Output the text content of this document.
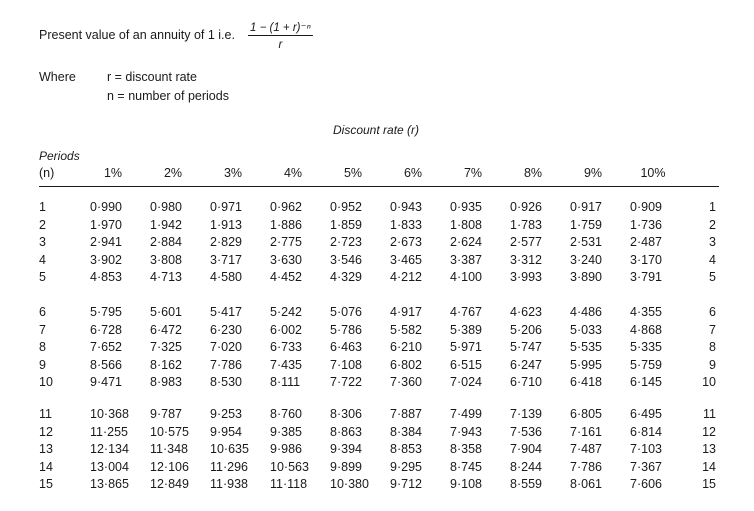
Present value of an annuity of 1 i.e. $\frac{\text{1 − (1 + r)⁻ⁿ}}{r}$
Where r = discount rate
n = number of periods
Discount rate (r)
Periods
(n)	1%	2%	3%	4%	5%	6%	7%	8%	9%	10%
1	0·990 0·980 0·971 0·962 0·952 0·943 0·935 0·926 0·917 0·909	1
2	1·970 1·942 1·913 1·886 1·859 1·833 1·808 1·783 1·759 1·736	2
3	2·941 2·884 2·829 2·775 2·723 2·673 2·624 2·577 2·531 2·487	3
4	3·902 3·808 3·717 3·630 3·546 3·465 3·387 3·312 3·240 3·170	4
5	4·853 4·713 4·580 4·452 4·329 4·212 4·100 3·993 3·890 3·791	5
6	5·795 5·601 5·417 5·242 5·076 4·917 4·767 4·623 4·486 4·355	6
7	6·728 6·472 6·230 6·002 5·786 5·582 5·389 5·206 5·033 4·868	7
8	7·652 7·325 7·020 6·733 6·463 6·210 5·971 5·747 5·535 5·335	8
9	8·566 8·162 7·786 7·435 7·108 6·802 6·515 6·247 5·995 5·759	9
10	9·471 8·983 8·530 8·111 7·722 7·360 7·024 6·710 6·418 6·145	10
11	10·368 9·787 9·253 8·760 8·306 7·887 7·499 7·139 6·805 6·495	11
12	11·255 10·575 9·954 9·385 8·863 8·384 7·943 7·536 7·161 6·814	12
13	12·134 11·348 10·635 9·986 9·394 8·853 8·358 7·904 7·487 7·103	13
14	13·004 12·106 11·296 10·563 9·899 9·295 8·745 8·244 7·786 7·367	14
15	13·865 12·849 11·938 11·118 10·380 9·712 9·108 8·559 8·061 7·606	15
